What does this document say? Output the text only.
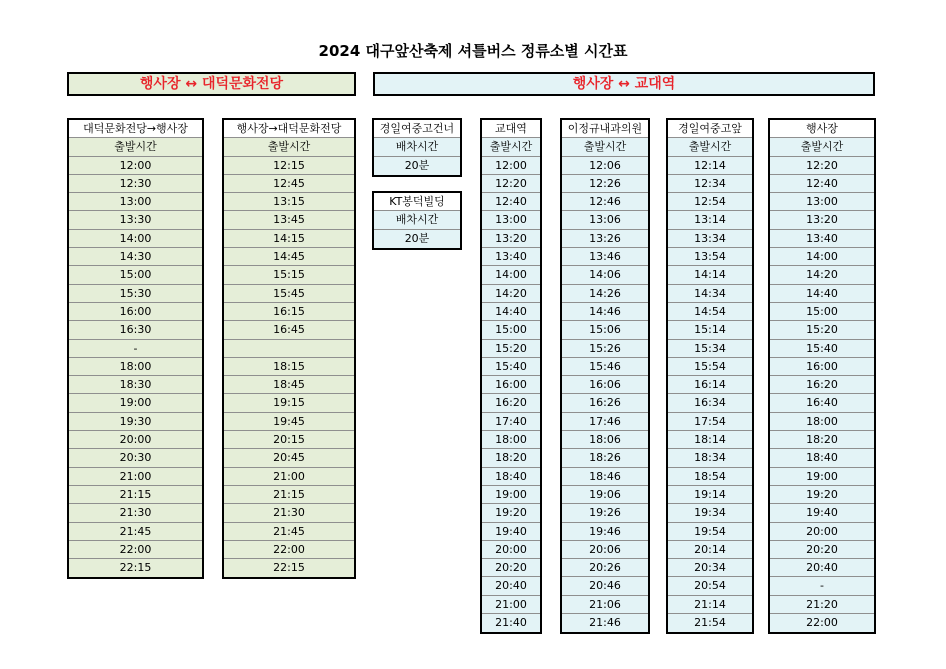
2024 대구앞산축제 셔틀버스 정류소별 시간표
행사장 ↔ 대덕문화전당	행사장 ↔ 교대역
대덕문화전당→행사장
출발시간
12:00
12:30
13:00
13:30
14:00
14:30
15:00
15:30
16:00
16:30
-
18:00
18:30
19:00
19:30
20:00
20:30
21:00
21:15
21:30
21:45
22:00
22:15
행사장→대덕문화전당
출발시간
12:15
12:45
13:15
13:45
14:15
14:45
15:15
15:45
16:15
16:45
18:15
18:45
19:15
19:45
20:15
20:45
21:00
21:15
21:30
21:45
22:00
22:15
경일여중고건너
배차시간
20분
KT봉덕빌딩
배차시간
20분
교대역
출발시간
12:00
12:20
12:40
13:00
13:20
13:40
14:00
14:20
14:40
15:00
15:20
15:40
16:00
16:20
17:40
18:00
18:20
18:40
19:00
19:20
19:40
20:00
20:20
20:40
21:00
21:40
이정규내과의원
출발시간
12:06
12:26
12:46
13:06
13:26
13:46
14:06
14:26
14:46
15:06
15:26
15:46
16:06
16:26
17:46
18:06
18:26
18:46
19:06
19:26
19:46
20:06
20:26
20:46
21:06
21:46
경일여중고앞
출발시간
12:14
12:34
12:54
13:14
13:34
13:54
14:14
14:34
14:54
15:14
15:34
15:54
16:14
16:34
17:54
18:14
18:34
18:54
19:14
19:34
19:54
20:14
20:34
20:54
21:14
21:54
행사장
출발시간
12:20
12:40
13:00
13:20
13:40
14:00
14:20
14:40
15:00
15:20
15:40
16:00
16:20
16:40
18:00
18:20
18:40
19:00
19:20
19:40
20:00
20:20
20:40
-
21:20
22:00
